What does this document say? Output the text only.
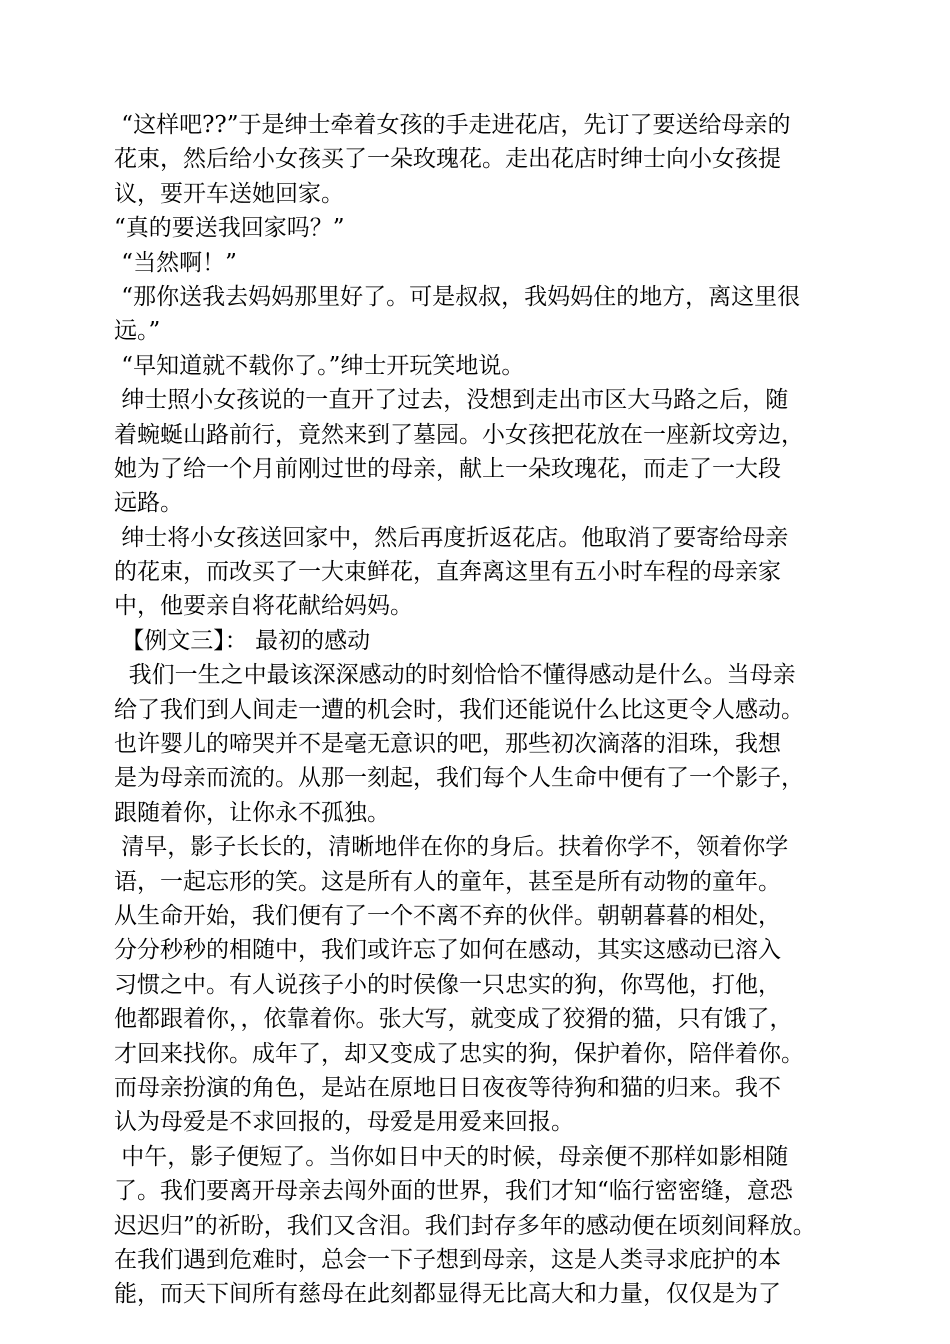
“这样吧??”于是绅士牵着女孩的手走进花店，先订了要送给母亲的
花束，然后给小女孩买了一朵玫瑰花。走出花店时绅士向小女孩提
议，要开车送她回家。
“真的要送我回家吗？”
“当然啊！”
“那你送我去妈妈那里好了。可是叔叔，我妈妈住的地方，离这里很
远。”
“早知道就不载你了。”绅士开玩笑地说。
绅士照小女孩说的一直开了过去，没想到走出市区大马路之后，随
着蜿蜒山路前行，竟然来到了墓园。小女孩把花放在一座新坟旁边，
她为了给一个月前刚过世的母亲，献上一朵玫瑰花，而走了一大段
远路。
绅士将小女孩送回家中，然后再度折返花店。他取消了要寄给母亲
的花束，而改买了一大束鲜花，直奔离这里有五小时车程的母亲家
中，他要亲自将花献给妈妈。
【例文三】： 最初的感动
我们一生之中最该深深感动的时刻恰恰不懂得感动是什么。当母亲
给了我们到人间走一遭的机会时，我们还能说什么比这更令人感动。
也许婴儿的啼哭并不是毫无意识的吧，那些初次滴落的泪珠，我想
是为母亲而流的。从那一刻起，我们每个人生命中便有了一个影子，
跟随着你，让你永不孤独。
清早，影子长长的，清晰地伴在你的身后。扶着你学不，领着你学
语，一起忘形的笑。这是所有人的童年，甚至是所有动物的童年。
从生命开始，我们便有了一个不离不弃的伙伴。朝朝暮暮的相处，
分分秒秒的相随中，我们或许忘了如何在感动，其实这感动已溶入
习惯之中。有人说孩子小的时侯像一只忠实的狗，你骂他，打他，
他都跟着你，，依靠着你。张大写，就变成了狡猾的猫，只有饿了，
才回来找你。成年了，却又变成了忠实的狗，保护着你，陪伴着你。
而母亲扮演的角色，是站在原地日日夜夜等待狗和猫的归来。我不
认为母爱是不求回报的，母爱是用爱来回报。
中午，影子便短了。当你如日中天的时候，母亲便不那样如影相随
了。我们要离开母亲去闯外面的世界，我们才知“临行密密缝，意恐
迟迟归”的祈盼，我们又含泪。我们封存多年的感动便在顷刻间释放。
在我们遇到危难时，总会一下子想到母亲，这是人类寻求庇护的本
能，而天下间所有慈母在此刻都显得无比高大和力量，仅仅是为了
